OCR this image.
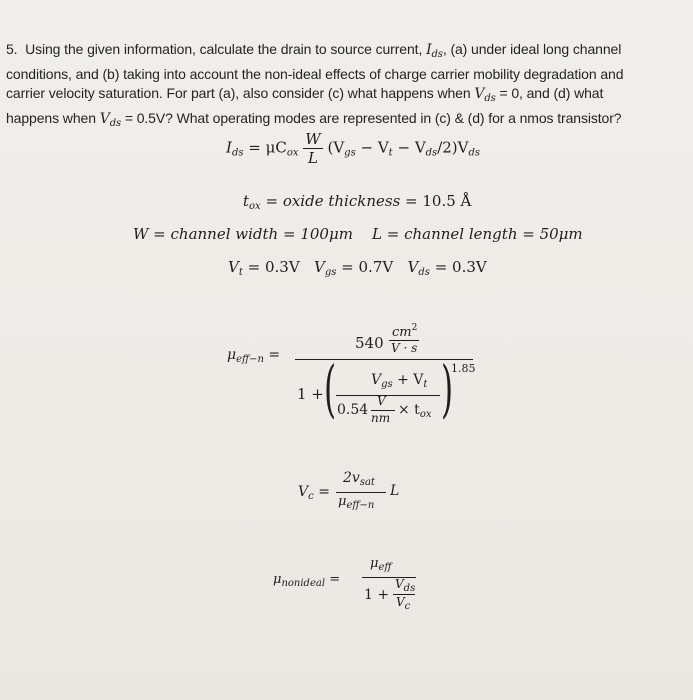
5. Using the given information, calculate the drain to source current, $I_{ds}$, (a) under ideal long channel
conditions, and (b) taking into account the non-ideal effects of charge carrier mobility degradation and
carrier velocity saturation. For part (a), also consider (c) what happens when $V_{ds} = 0$, and (d) what
happens when $V_{ds} = 0.5V$? What operating modes are represented in (c) & (d) for a nmos transistor?
$I_{ds} = \mu C_{ox} \frac{W}{L} (V_{gs} - V_t - V_{ds}/2)V_{ds}$
$t_{ox}$ = oxide thickness = 10.5 Å
W = channel width = 100μm L = channel length = 50μm
$V_t = 0.3V$ $V_{gs} = 0.7V$ $V_{ds} = 0.3V$
$\mu_{eff-n}$ =
540
$cm^2$
V · s
1.85
1 + ( )
$V_{gs} + V_t$
0.54
V
nm × $t_{ox}$
$V_c$ =
$2v_{sat}$
$\mu_{eff-n}$
L
$\mu_{nonideal}$ =
$\mu_{eff}$
1 +
$V_{ds}$
$V_c$
